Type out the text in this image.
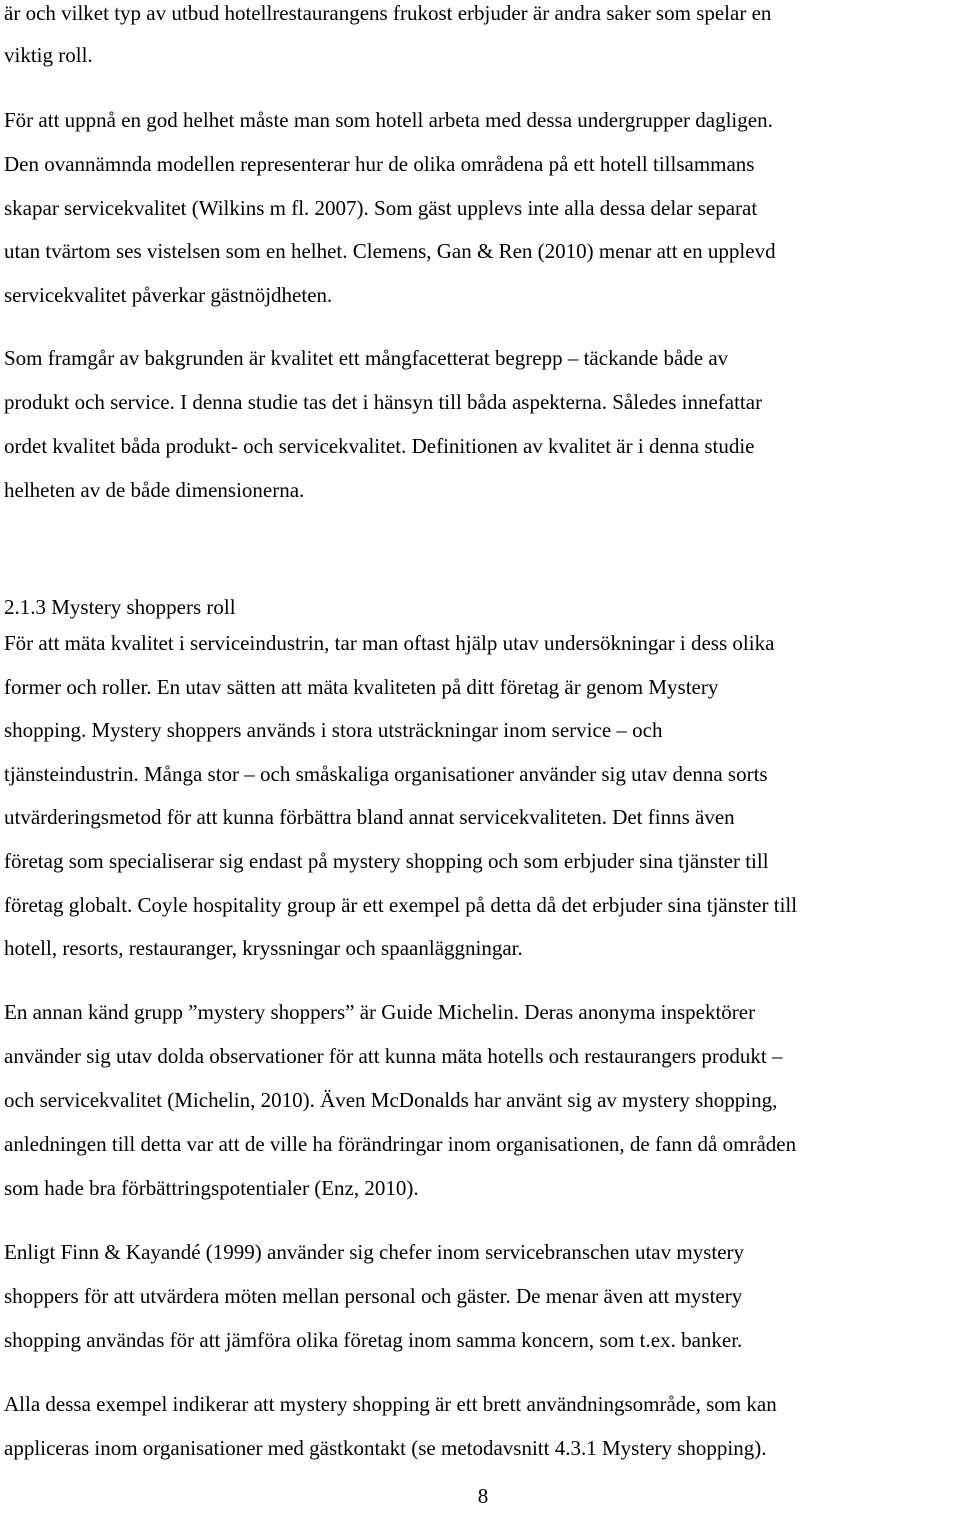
är och vilket typ av utbud hotellrestaurangens frukost erbjuder är andra saker som spelar en
viktig roll.
För att uppnå en god helhet måste man som hotell arbeta med dessa undergrupper dagligen.
Den ovannämnda modellen representerar hur de olika områdena på ett hotell tillsammans
skapar servicekvalitet (Wilkins m fl. 2007). Som gäst upplevs inte alla dessa delar separat
utan tvärtom ses vistelsen som en helhet. Clemens, Gan & Ren (2010) menar att en upplevd
servicekvalitet påverkar gästnöjdheten.
Som framgår av bakgrunden är kvalitet ett mångfacetterat begrepp – täckande både av
produkt och service. I denna studie tas det i hänsyn till båda aspekterna. Således innefattar
ordet kvalitet båda produkt- och servicekvalitet. Definitionen av kvalitet är i denna studie
helheten av de både dimensionerna.
2.1.3 Mystery shoppers roll
För att mäta kvalitet i serviceindustrin, tar man oftast hjälp utav undersökningar i dess olika
former och roller. En utav sätten att mäta kvaliteten på ditt företag är genom Mystery
shopping. Mystery shoppers används i stora utsträckningar inom service – och
tjänsteindustrin. Många stor – och småskaliga organisationer använder sig utav denna sorts
utvärderingsmetod för att kunna förbättra bland annat servicekvaliteten. Det finns även
företag som specialiserar sig endast på mystery shopping och som erbjuder sina tjänster till
företag globalt. Coyle hospitality group är ett exempel på detta då det erbjuder sina tjänster till
hotell, resorts, restauranger, kryssningar och spaanläggningar.
En annan känd grupp ”mystery shoppers” är Guide Michelin. Deras anonyma inspektörer
använder sig utav dolda observationer för att kunna mäta hotells och restaurangers produkt –
och servicekvalitet (Michelin, 2010). Även McDonalds har använt sig av mystery shopping,
anledningen till detta var att de ville ha förändringar inom organisationen, de fann då områden
som hade bra förbättringspotentialer (Enz, 2010).
Enligt Finn & Kayandé (1999) använder sig chefer inom servicebranschen utav mystery
shoppers för att utvärdera möten mellan personal och gäster. De menar även att mystery
shopping användas för att jämföra olika företag inom samma koncern, som t.ex. banker.
Alla dessa exempel indikerar att mystery shopping är ett brett användningsområde, som kan
appliceras inom organisationer med gästkontakt (se metodavsnitt 4.3.1 Mystery shopping).
8
